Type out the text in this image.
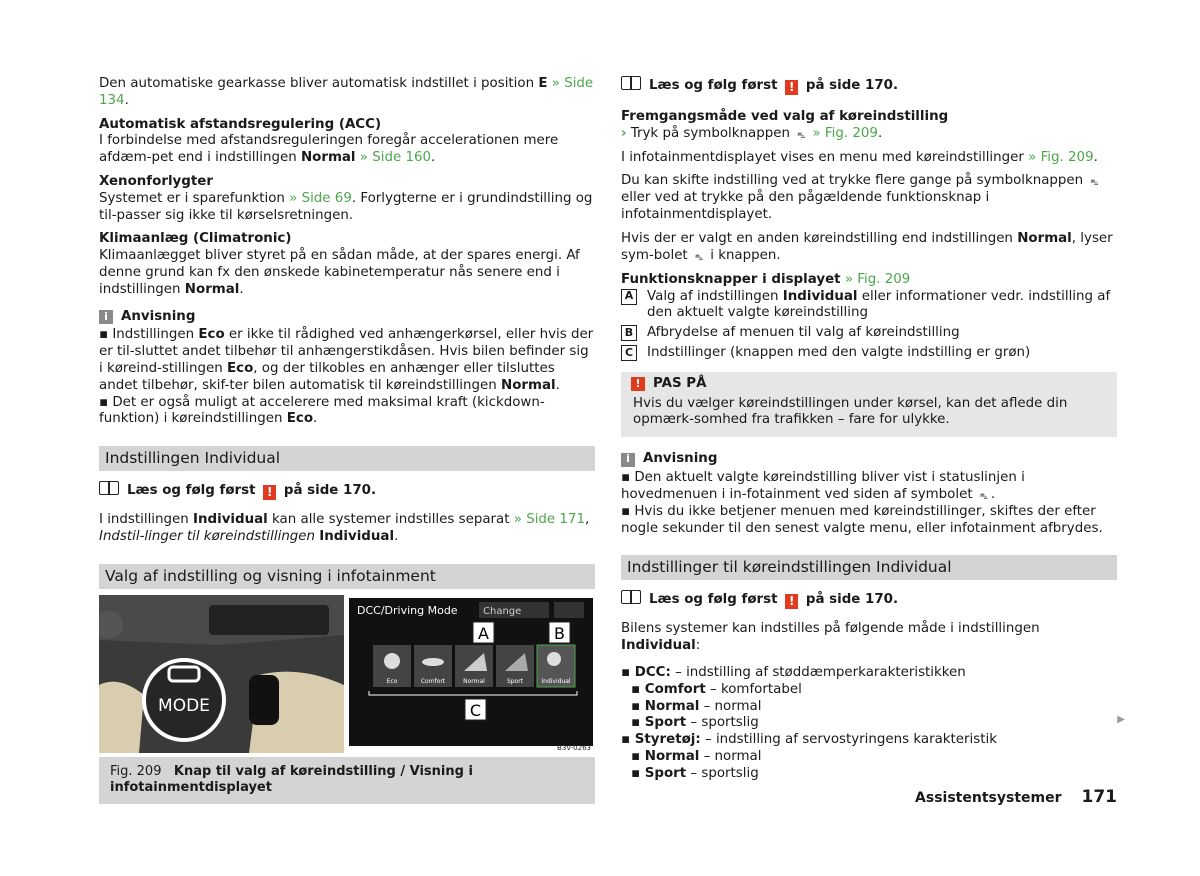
Den automatiske gearkasse bliver automatisk indstillet i position E » Side 134.

Automatisk afstandsregulering (ACC)
I forbindelse med afstandsreguleringen foregår accelerationen mere afdæm-pet end i indstillingen Normal » Side 160.

Xenonforlygter
Systemet er i sparefunktion » Side 69. Forlygterne er i grundindstilling og til-passer sig ikke til kørselsretningen.

Klimaanlæg (Climatronic)
Klimaanlægget bliver styret på en sådan måde, at der spares energi. Af denne grund kan fx den ønskede kabinetemperatur nås senere end i indstillingen Normal.

i Anvisning

▪ Indstillingen Eco er ikke til rådighed ved anhængerkørsel, eller hvis der er til-sluttet andet tilbehør til anhængerstikdåsen. Hvis bilen befinder sig i køreind-stillingen Eco, og der tilkobles en anhænger eller tilsluttes andet tilbehør, skif-ter bilen automatisk til køreindstillingen Normal.

▪ Det er også muligt at accelerere med maksimal kraft (kickdown-funktion) i køreindstillingen Eco.

Indstillingen Individual
Læs og følg først ! på side 170.

I indstillingen Individual kan alle systemer indstilles separat » Side 171, Indstil-linger til køreindstillingen Individual.

Valg af indstilling og visning i infotainment
MODE
DCC/Driving Mode	Change
Eco	Comfort	Normal	Sport	Individual
A	B
C
B3V-0263
Fig. 209 Knap til valg af køreindstilling / Visning i infotainmentdisplayet
Læs og følg først ! på side 170.

Fremgangsmåde ved valg af køreindstilling
› Tryk på symbolknappen ⛍ » Fig. 209.

I infotainmentdisplayet vises en menu med køreindstillinger » Fig. 209.

Du kan skifte indstilling ved at trykke flere gange på symbolknappen ⛍ eller ved at trykke på den pågældende funktionsknap i infotainmentdisplayet.

Hvis der er valgt en anden køreindstilling end indstillingen Normal, lyser sym-bolet ⛍ i knappen.

Funktionsknapper i displayet » Fig. 209
A Valg af indstillingen Individual eller informationer vedr. indstilling af den aktuelt valgte køreindstilling
B Afbrydelse af menuen til valg af køreindstilling
C Indstillinger (knappen med den valgte indstilling er grøn)
! PAS PÅ
Hvis du vælger køreindstillingen under kørsel, kan det aflede din opmærk-somhed fra trafikken – fare for ulykke.
i Anvisning

▪ Den aktuelt valgte køreindstilling bliver vist i statuslinjen i hovedmenuen i in-fotainment ved siden af symbolet ⛍ .

▪ Hvis du ikke betjener menuen med køreindstillinger, skiftes der efter nogle sekunder til den senest valgte menu, eller infotainment afbrydes.

Indstillinger til køreindstillingen Individual
Læs og følg først ! på side 170.

Bilens systemer kan indstilles på følgende måde i indstillingen Individual:

▪ DCC: – indstilling af støddæmperkarakteristikken

▪ Comfort – komfortabel

▪ Normal – normal

▪ Sport – sportslig

▪ Styretøj: – indstilling af servostyringens karakteristik

▪ Normal – normal

▪ Sport – sportslig

▶
Assistentsystemer 171
